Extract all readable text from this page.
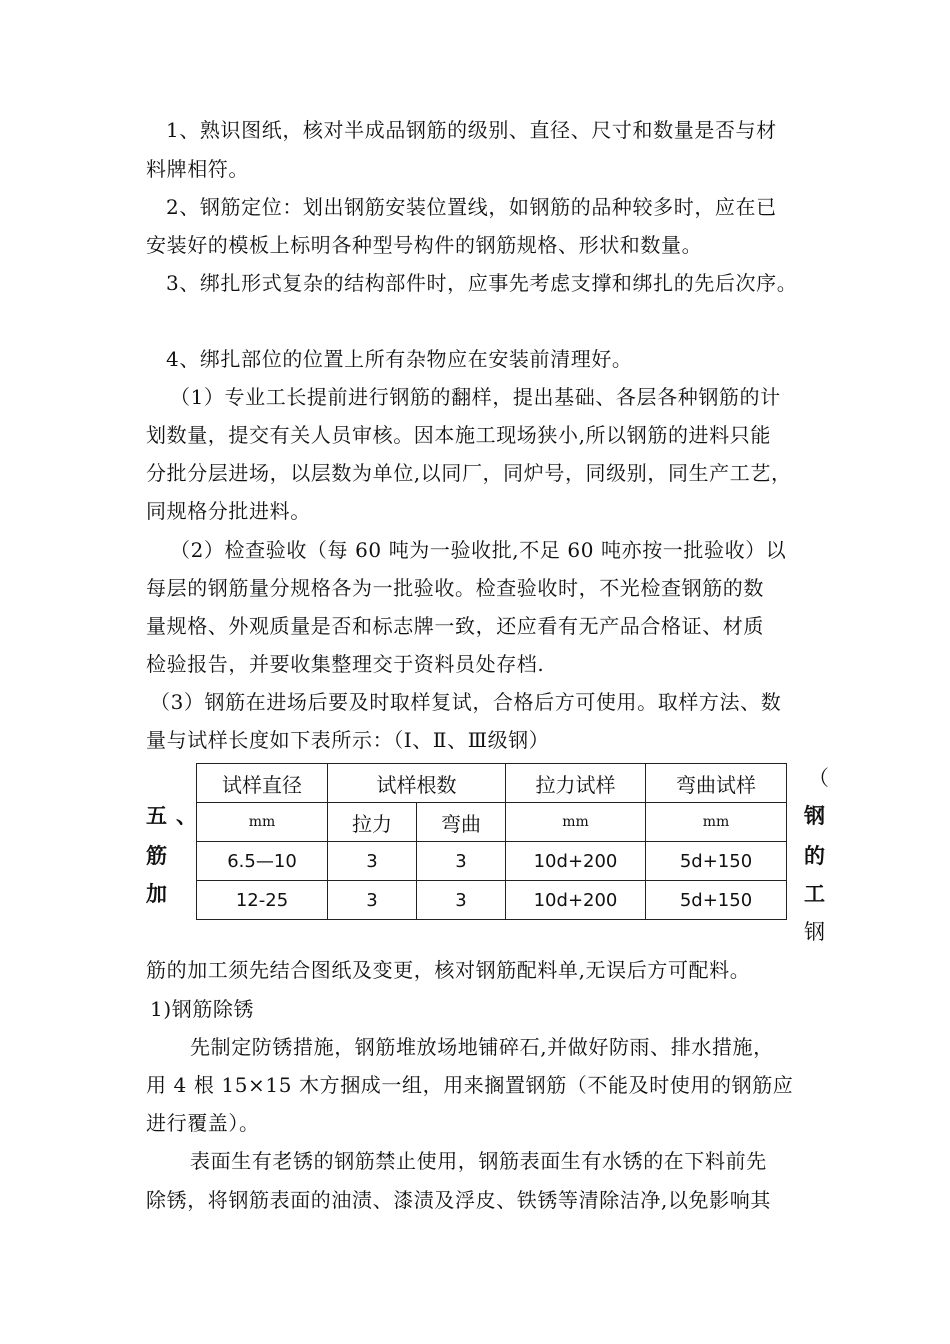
1、熟识图纸，核对半成品钢筋的级别、直径、尺寸和数量是否与材
料牌相符。
2、钢筋定位：划出钢筋安装位置线，如钢筋的品种较多时，应在已
安装好的模板上标明各种型号构件的钢筋规格、形状和数量。
3、绑扎形式复杂的结构部件时，应事先考虑支撑和绑扎的先后次序。
4、绑扎部位的位置上所有杂物应在安装前清理好。
（1）专业工长提前进行钢筋的翻样，提出基础、各层各种钢筋的计
划数量，提交有关人员审核。因本施工现场狭小,所以钢筋的进料只能
分批分层进场，以层数为单位,以同厂，同炉号，同级别，同生产工艺，
同规格分批进料。
（2）检查验收（每 60 吨为一验收批,不足 60 吨亦按一批验收）以
每层的钢筋量分规格各为一批验收。检查验收时，不光检查钢筋的数
量规格、外观质量是否和标志牌一致，还应看有无产品合格证、材质
检验报告，并要收集整理交于资料员处存档.
（3）钢筋在进场后要及时取样复试，合格后方可使用。取样方法、数
量与试样长度如下表所示：（Ⅰ、Ⅱ、Ⅲ级钢）
五 、
筋
加
（
钢
的
工
钢
试样直径	试样根数		拉力试样	弯曲试样
mm	拉力	弯曲	mm	mm
6.5—10	3	3	10d+200	5d+150
12-25	3	3	10d+200	5d+150
筋的加工须先结合图纸及变更，核对钢筋配料单,无误后方可配料。
1)钢筋除锈
先制定防锈措施，钢筋堆放场地铺碎石,并做好防雨、排水措施，
用 4 根 15×15 木方捆成一组，用来搁置钢筋（不能及时使用的钢筋应
进行覆盖）。
表面生有老锈的钢筋禁止使用，钢筋表面生有水锈的在下料前先
除锈，将钢筋表面的油渍、漆渍及浮皮、铁锈等清除洁净,以免影响其
